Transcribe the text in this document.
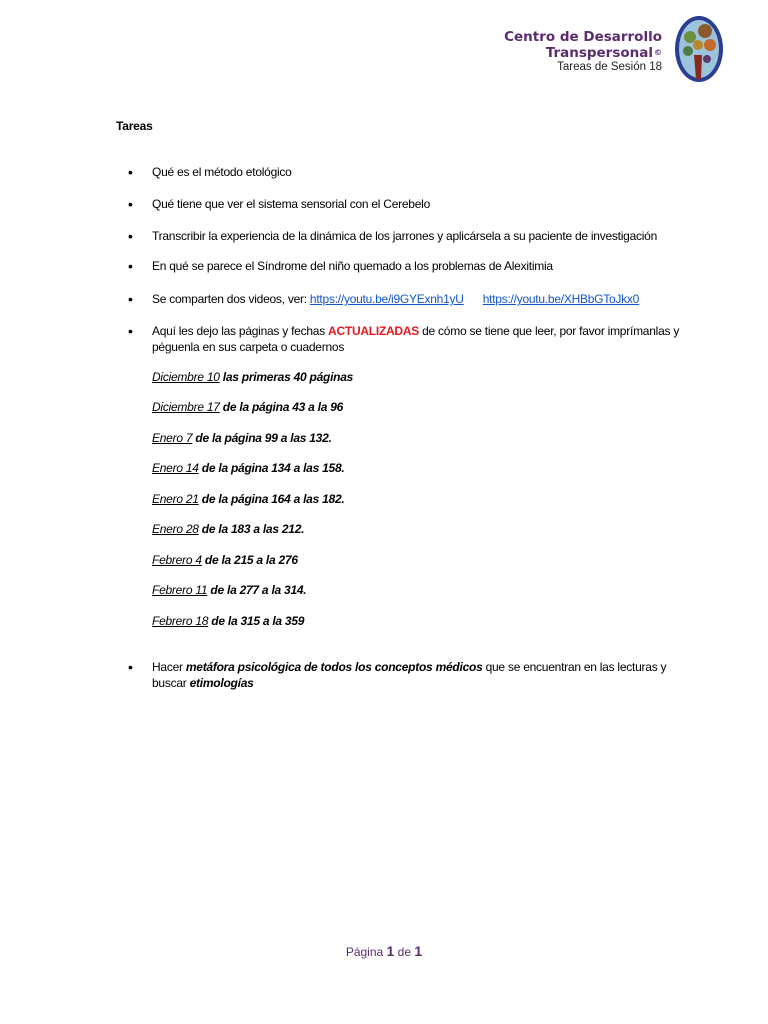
Centro de Desarrollo
Transpersonal©
Tareas de Sesión 18
Tareas
• Qué es el método etológico
• Qué tiene que ver el sistema sensorial con el Cerebelo
• Transcribir la experiencia de la dinámica de los jarrones y aplicársela a su paciente de investigación
• En qué se parece el Síndrome del niño quemado a los problemas de Alexitimia
• Se comparten dos videos, ver: https://youtu.be/i9GYExnh1yU https://youtu.be/XHBbGToJkx0
• Aquí les dejo las páginas y fechas ACTUALIZADAS de cómo se tiene que leer, por favor imprímanlas y péguenla en sus carpeta o cuadernos
• Hacer metáfora psicológica de todos los conceptos médicos que se encuentran en las lecturas y buscar etimologías
Diciembre 10 las primeras 40 páginas
Diciembre 17 de la página 43 a la 96
Enero 7 de la página 99 a las 132.
Enero 14 de la página 134 a las 158.
Enero 21 de la página 164 a las 182.
Enero 28 de la 183 a las 212.
Febrero 4 de la 215 a la 276
Febrero 11 de la 277 a la 314.
Febrero 18 de la 315 a la 359
Página 1 de 1
